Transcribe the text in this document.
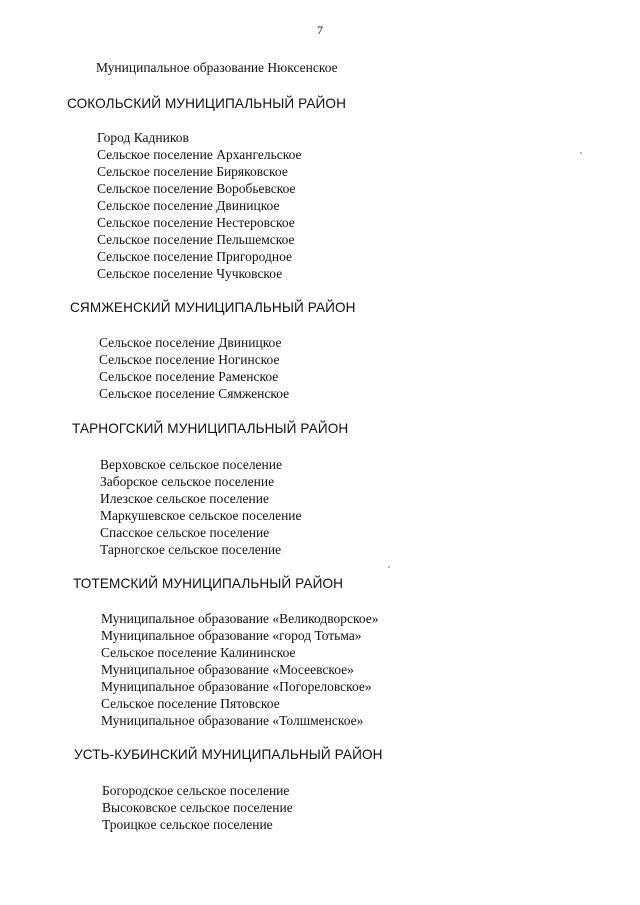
7

Муниципальное образование Нюксенское

СОКОЛЬСКИЙ МУНИЦИПАЛЬНЫЙ РАЙОН

Город Кадников

Сельское поселение Архангельское

Сельское поселение Биряковское

Сельское поселение Воробьевское

Сельское поселение Двиницкое

Сельское поселение Нестеровское

Сельское поселение Пельшемское

Сельское поселение Пригородное

Сельское поселение Чучковское

СЯМЖЕНСКИЙ МУНИЦИПАЛЬНЫЙ РАЙОН

Сельское поселение Двиницкое

Сельское поселение Ногинское

Сельское поселение Раменское

Сельское поселение Сямженское

ТАРНОГСКИЙ МУНИЦИПАЛЬНЫЙ РАЙОН

Верховское сельское поселение

Заборское сельское поселение

Илезское сельское поселение

Маркушевское сельское поселение

Спасское сельское поселение

Тарногское сельское поселение

ТОТЕМСКИЙ МУНИЦИПАЛЬНЫЙ РАЙОН

Муниципальное образование «Великодворское»

Муниципальное образование «город Тотьма»

Сельское поселение Калининское

Муниципальное образование «Мосеевское»

Муниципальное образование «Погореловское»

Сельское поселение Пятовское

Муниципальное образование «Толшменское»

УСТЬ-КУБИНСКИЙ МУНИЦИПАЛЬНЫЙ РАЙОН

Богородское сельское поселение

Высоковское сельское поселение

Троицкое сельское поселение
